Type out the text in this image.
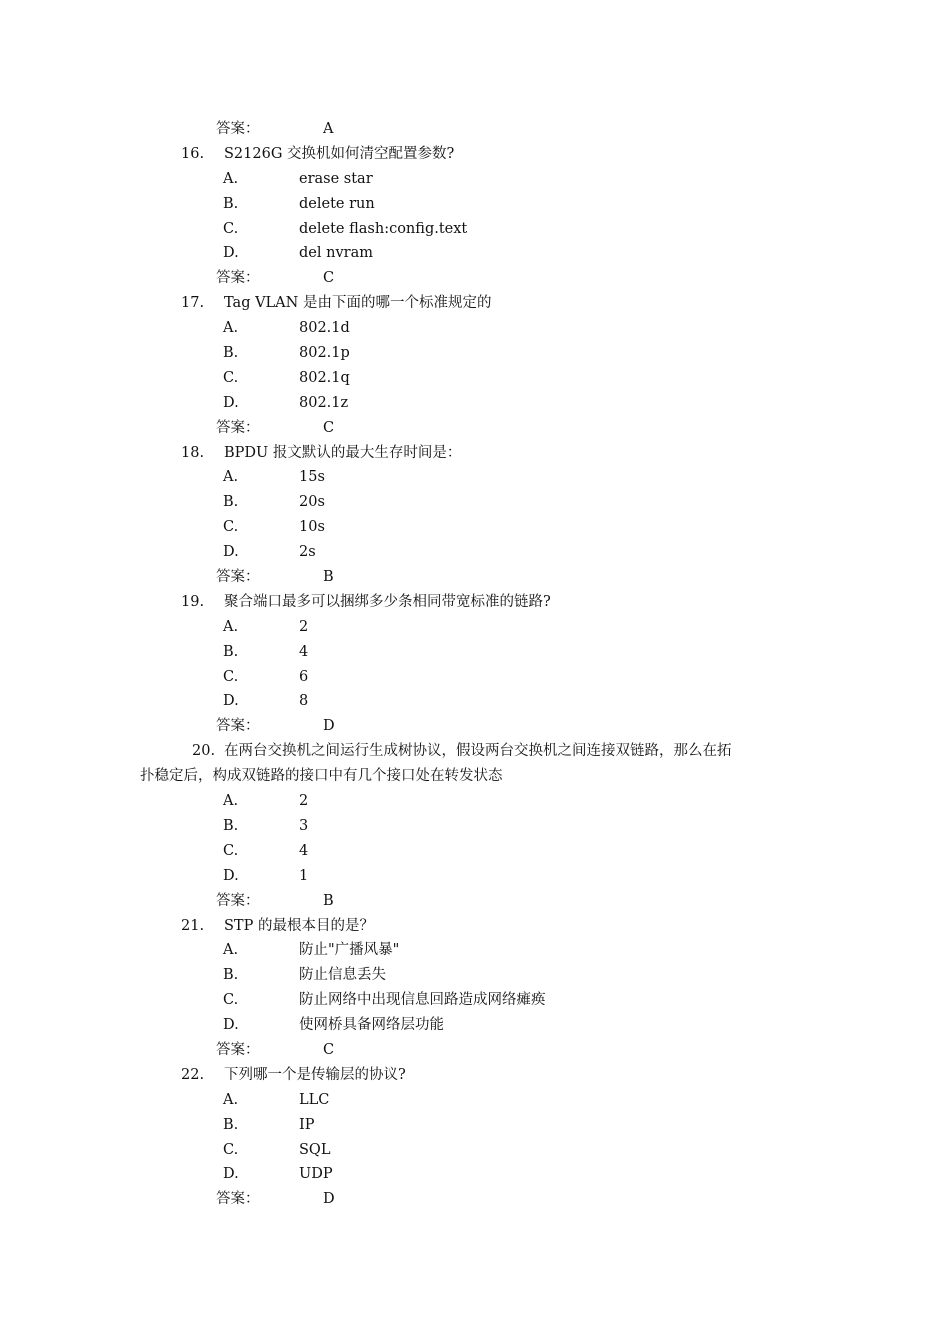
答案：	A
16. S2126G 交换机如何清空配置参数?
A.	erase star
B.	delete run
C.	delete flash:config.text
D.	del nvram
答案：	C
17. Tag VLAN 是由下面的哪一个标准规定的
A.	802.1d
B.	802.1p
C.	802.1q
D.	802.1z
答案：	C
18. BPDU 报文默认的最大生存时间是：
A.	15s
B.	20s
C.	10s
D.	2s
答案：	B
19. 聚合端口最多可以捆绑多少条相同带宽标准的链路?
A.	2
B.	4
C.	6
D.	8
答案：	D
20. 在两台交换机之间运行生成树协议，假设两台交换机之间连接双链路，那么在拓
扑稳定后，构成双链路的接口中有几个接口处在转发状态
A.	2
B.	3
C.	4
D.	1
答案：	B
21. STP 的最根本目的是？
A.	防止"广播风暴"
B.	防止信息丢失
C.	防止网络中出现信息回路造成网络瘫痪
D.	使网桥具备网络层功能
答案：	C
22. 下列哪一个是传输层的协议?
A.	LLC
B.	IP
C.	SQL
D.	UDP
答案：	D
